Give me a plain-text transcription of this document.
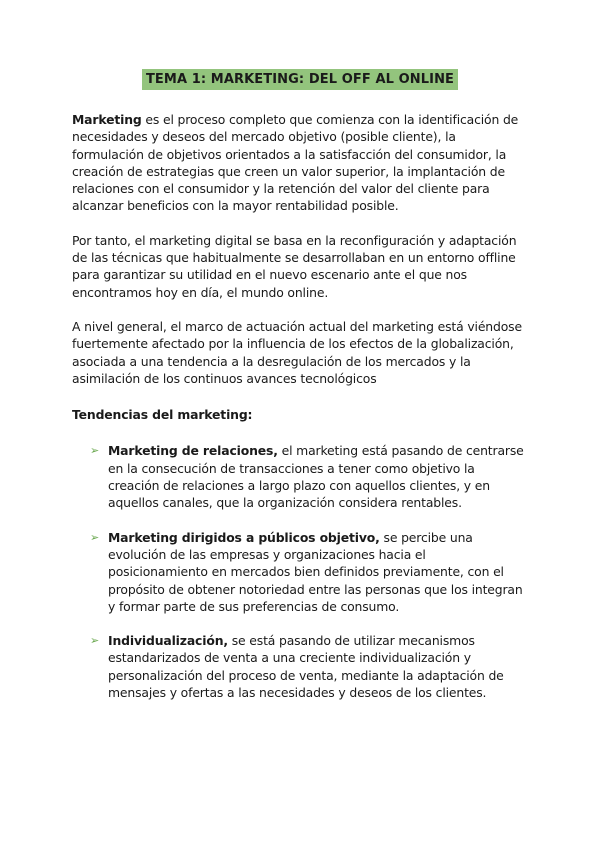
TEMA 1: MARKETING: DEL OFF AL ONLINE

Marketing es el proceso completo que comienza con la identificación de necesidades y deseos del mercado objetivo (posible cliente), la formulación de objetivos orientados a la satisfacción del consumidor, la creación de estrategias que creen un valor superior, la implantación de relaciones con el consumidor y la retención del valor del cliente para alcanzar beneficios con la mayor rentabilidad posible.

Por tanto, el marketing digital se basa en la reconfiguración y adaptación de las técnicas que habitualmente se desarrollaban en un entorno offline para garantizar su utilidad en el nuevo escenario ante el que nos encontramos hoy en día, el mundo online.

A nivel general, el marco de actuación actual del marketing está viéndose fuertemente afectado por la influencia de los efectos de la globalización, asociada a una tendencia a la desregulación de los mercados y la asimilación de los continuos avances tecnológicos

Tendencias del marketing:

➢ Marketing de relaciones, el marketing está pasando de centrarse en la consecución de transacciones a tener como objetivo la creación de relaciones a largo plazo con aquellos clientes, y en aquellos canales, que la organización considera rentables.
➢ Marketing dirigidos a públicos objetivo, se percibe una evolución de las empresas y organizaciones hacia el posicionamiento en mercados bien definidos previamente, con el propósito de obtener notoriedad entre las personas que los integran y formar parte de sus preferencias de consumo.
➢ Individualización, se está pasando de utilizar mecanismos estandarizados de venta a una creciente individualización y personalización del proceso de venta, mediante la adaptación de mensajes y ofertas a las necesidades y deseos de los clientes.
